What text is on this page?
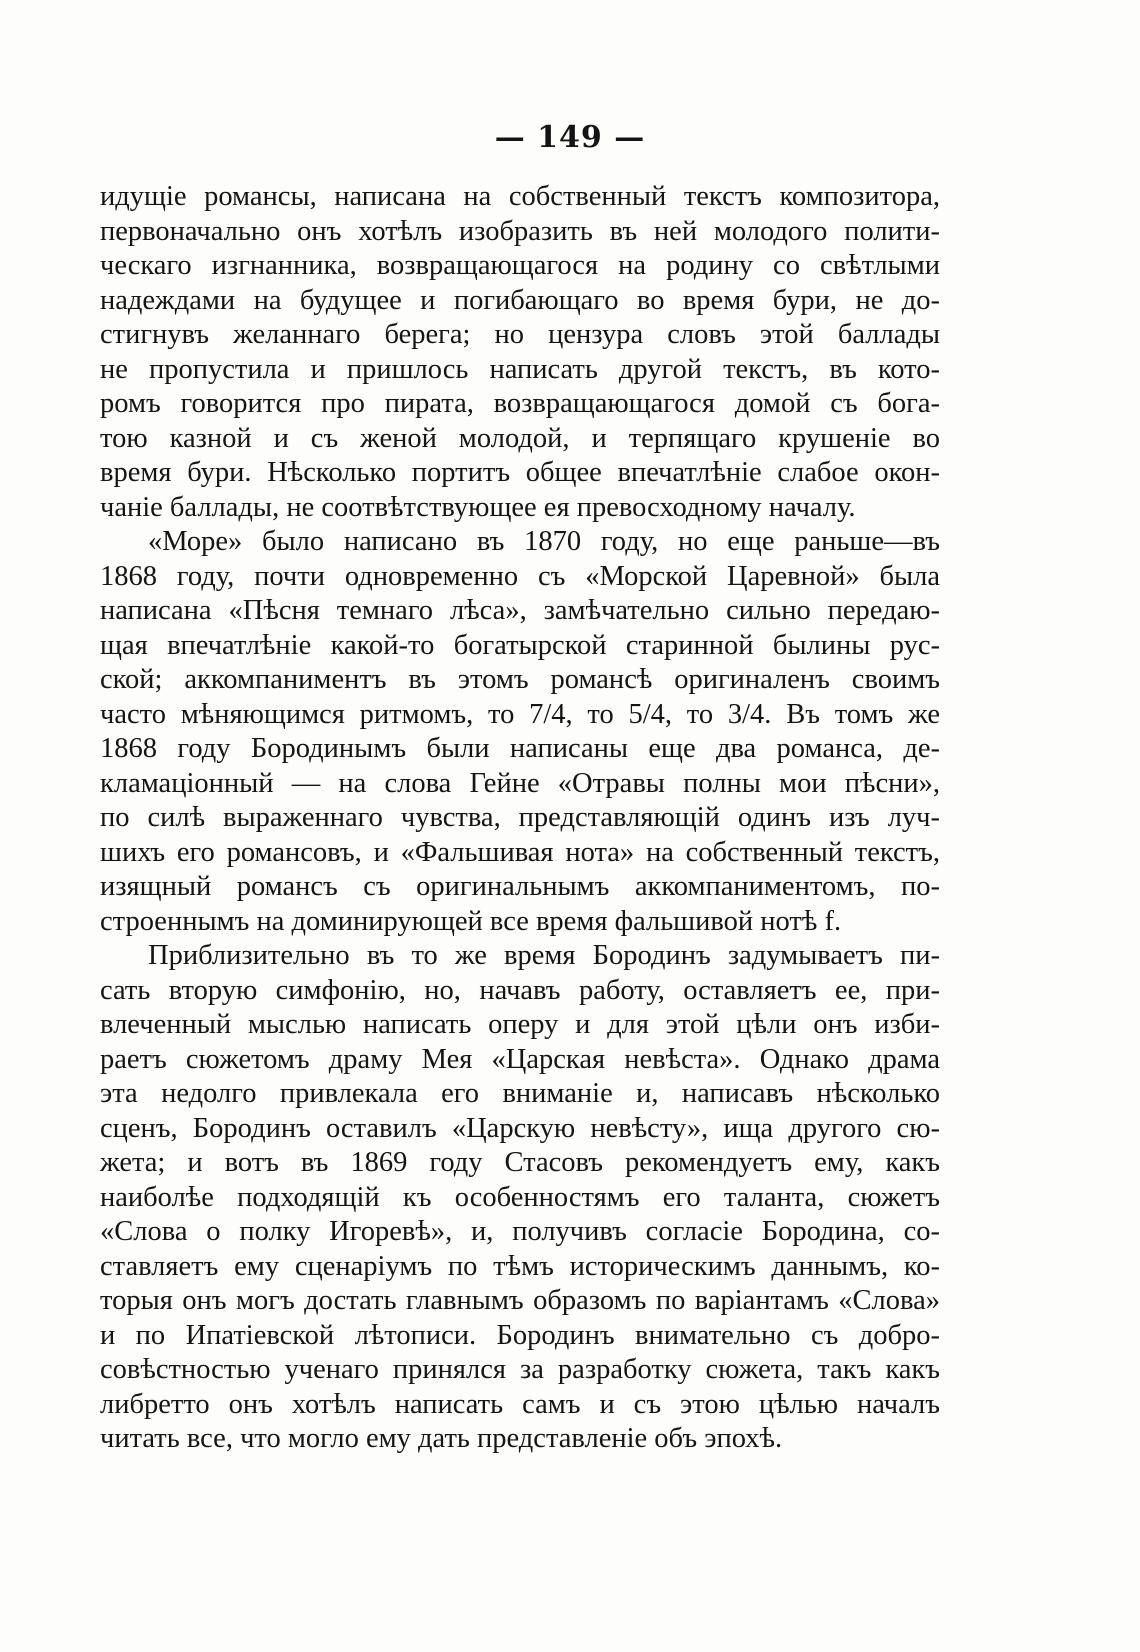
— 149 —
идущіе романсы, написана на собственный текстъ композитора,
первоначально онъ хотѣлъ изобразить въ ней молодого полити-
ческаго изгнанника, возвращающагося на родину со свѣтлыми
надеждами на будущее и погибающаго во время бури, не до-
стигнувъ желаннаго берега; но цензура словъ этой баллады
не пропустила и пришлось написать другой текстъ, въ кото-
ромъ говорится про пирата, возвращающагося домой съ бога-
тою казной и съ женой молодой, и терпящаго крушеніе во
время бури. Нѣсколько портитъ общее впечатлѣніе слабое окон-
чаніе баллады, не соотвѣтствующее ея превосходному началу.
«Море» было написано въ 1870 году, но еще раньше—въ
1868 году, почти одновременно съ «Морской Царевной» была
написана «Пѣсня темнаго лѣса», замѣчательно сильно передаю-
щая впечатлѣніе какой-то богатырской старинной былины рус-
ской; аккомпаниментъ въ этомъ романсѣ оригиналенъ своимъ
часто мѣняющимся ритмомъ, то 7/4, то 5/4, то 3/4. Въ томъ же
1868 году Бородинымъ были написаны еще два романса, де-
кламаціонный — на слова Гейне «Отравы полны мои пѣсни»,
по силѣ выраженнаго чувства, представляющій одинъ изъ луч-
шихъ его романсовъ, и «Фальшивая нота» на собственный текстъ,
изящный романсъ съ оригинальнымъ аккомпаниментомъ, по-
строеннымъ на доминирующей все время фальшивой нотѣ f.
Приблизительно въ то же время Бородинъ задумываетъ пи-
сать вторую симфонію, но, начавъ работу, оставляетъ ее, при-
влеченный мыслью написать оперу и для этой цѣли онъ изби-
раетъ сюжетомъ драму Мея «Царская невѣста». Однако драма
эта недолго привлекала его вниманіе и, написавъ нѣсколько
сценъ, Бородинъ оставилъ «Царскую невѣсту», ища другого сю-
жета; и вотъ въ 1869 году Стасовъ рекомендуетъ ему, какъ
наиболѣе подходящій къ особенностямъ его таланта, сюжетъ
«Слова о полку Игоревѣ», и, получивъ согласіе Бородина, со-
ставляетъ ему сценаріумъ по тѣмъ историческимъ даннымъ, ко-
торыя онъ могъ достать главнымъ образомъ по варіантамъ «Слова»
и по Ипатіевской лѣтописи. Бородинъ внимательно съ добро-
совѣстностью ученаго принялся за разработку сюжета, такъ какъ
либретто онъ хотѣлъ написать самъ и съ этою цѣлью началъ
читать все, что могло ему дать представленіе объ эпохѣ.
